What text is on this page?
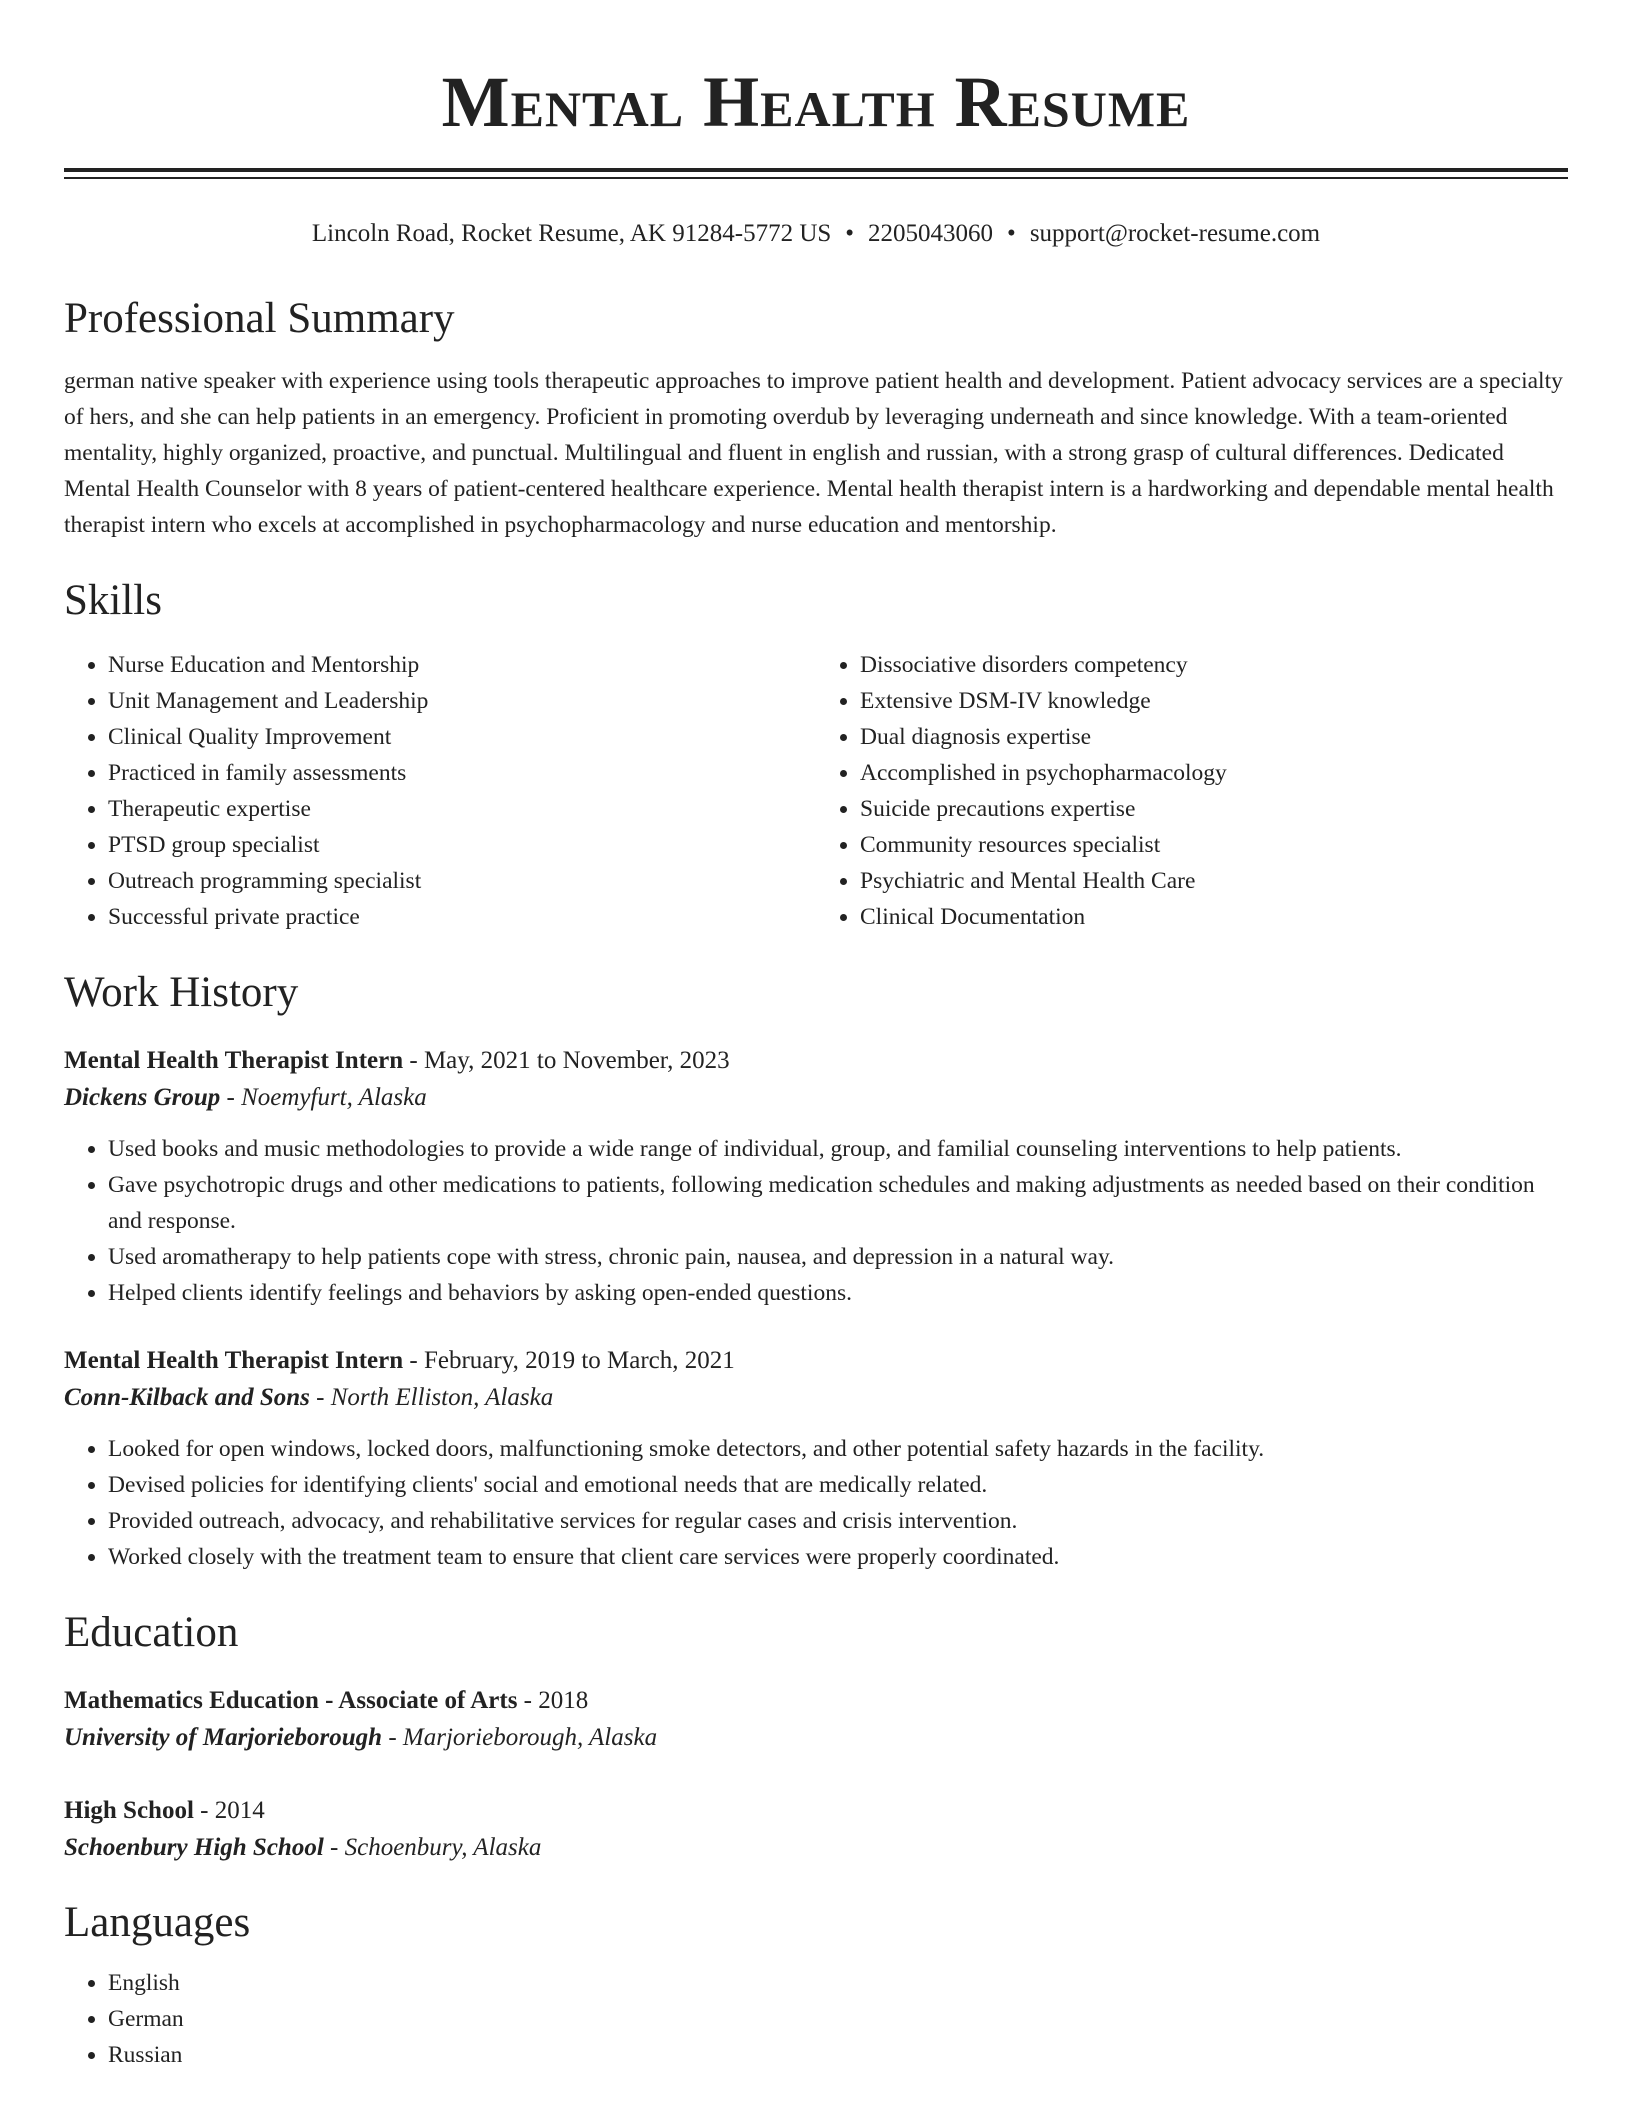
Mental Health Resume
Lincoln Road, Rocket Resume, AK 91284-5772 US • 2205043060 • support@rocket-resume.com
Professional Summary

german native speaker with experience using tools therapeutic approaches to improve patient health and development. Patient advocacy services are a specialty of hers, and she can help patients in an emergency. Proficient in promoting overdub by leveraging underneath and since knowledge. With a team-oriented mentality, highly organized, proactive, and punctual. Multilingual and fluent in english and russian, with a strong grasp of cultural differences. Dedicated Mental Health Counselor with 8 years of patient-centered healthcare experience. Mental health therapist intern is a hardworking and dependable mental health therapist intern who excels at accomplished in psychopharmacology and nurse education and mentorship.

Skills
• Nurse Education and Mentorship
• Unit Management and Leadership
• Clinical Quality Improvement
• Practiced in family assessments
• Therapeutic expertise
• PTSD group specialist
• Outreach programming specialist
• Successful private practice
• Dissociative disorders competency
• Extensive DSM-IV knowledge
• Dual diagnosis expertise
• Accomplished in psychopharmacology
• Suicide precautions expertise
• Community resources specialist
• Psychiatric and Mental Health Care
• Clinical Documentation
Work History
Mental Health Therapist Intern - May, 2021 to November, 2023
Dickens Group - Noemyfurt, Alaska
• Used books and music methodologies to provide a wide range of individual, group, and familial counseling interventions to help patients.
• Gave psychotropic drugs and other medications to patients, following medication schedules and making adjustments as needed based on their condition and response.
• Used aromatherapy to help patients cope with stress, chronic pain, nausea, and depression in a natural way.
• Helped clients identify feelings and behaviors by asking open-ended questions.
Mental Health Therapist Intern - February, 2019 to March, 2021
Conn-Kilback and Sons - North Elliston, Alaska
• Looked for open windows, locked doors, malfunctioning smoke detectors, and other potential safety hazards in the facility.
• Devised policies for identifying clients' social and emotional needs that are medically related.
• Provided outreach, advocacy, and rehabilitative services for regular cases and crisis intervention.
• Worked closely with the treatment team to ensure that client care services were properly coordinated.
Education
Mathematics Education - Associate of Arts - 2018
University of Marjorieborough - Marjorieborough, Alaska
High School - 2014
Schoenbury High School - Schoenbury, Alaska
Languages
• English
• German
• Russian
